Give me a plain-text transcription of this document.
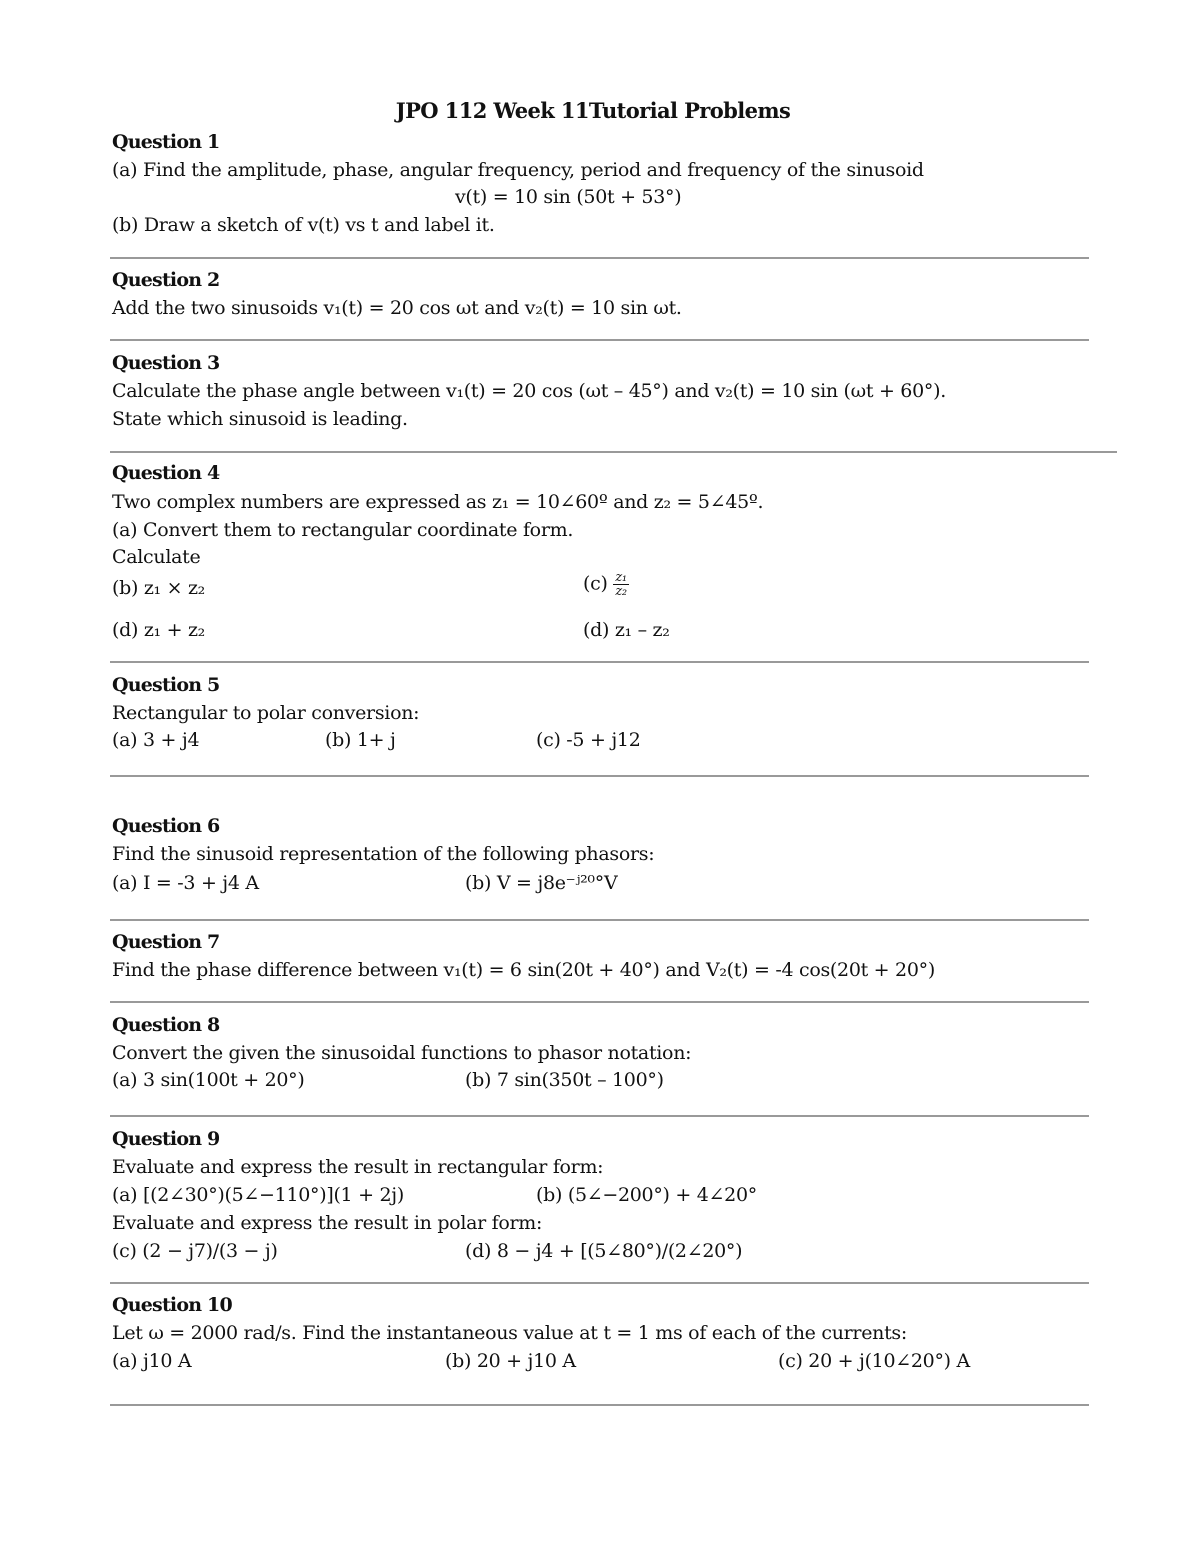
JPO 112 Week 11Tutorial Problems
Question 1
(a) Find the amplitude, phase, angular frequency, period and frequency of the sinusoid
v(t) = 10 sin (50t + 53°)
(b) Draw a sketch of v(t) vs t and label it.
Question 2
Add the two sinusoids v₁(t) = 20 cos ωt and v₂(t) = 10 sin ωt.
Question 3
Calculate the phase angle between v₁(t) = 20 cos (ωt – 45°) and v₂(t) = 10 sin (ωt + 60°).
State which sinusoid is leading.
Question 4
Two complex numbers are expressed as z₁ = 10∠60º and z₂ = 5∠45º.
(a) Convert them to rectangular coordinate form.
Calculate
(b) z₁ × z₂	$(c) \frac{\text{z₁}}{\text{z₂}}$
(d) z₁ + z₂	(d) z₁ – z₂
Question 5
Rectangular to polar conversion:
(a) 3 + j4	(b) 1+ j	(c) -5 + j12
Question 6
Find the sinusoid representation of the following phasors:
(a) I = -3 + j4 A	(b) V = j8e⁻ʲ²⁰°V
Question 7
Find the phase difference between v₁(t) = 6 sin(20t + 40°) and V₂(t) = -4 cos(20t + 20°)
Question 8
Convert the given the sinusoidal functions to phasor notation:
(a) 3 sin(100t + 20°)	(b) 7 sin(350t – 100°)
Question 9
Evaluate and express the result in rectangular form:
(a) [(2∠30°)(5∠−110°)](1 + 2j)	(b) (5∠−200°) + 4∠20°
Evaluate and express the result in polar form:
(c) (2 − j7)/(3 − j)	(d) 8 − j4 + [(5∠80°)/(2∠20°)
Question 10
Let ω = 2000 rad/s. Find the instantaneous value at t = 1 ms of each of the currents:
(a) j10 A	(b) 20 + j10 A	(c) 20 + j(10∠20°) A
